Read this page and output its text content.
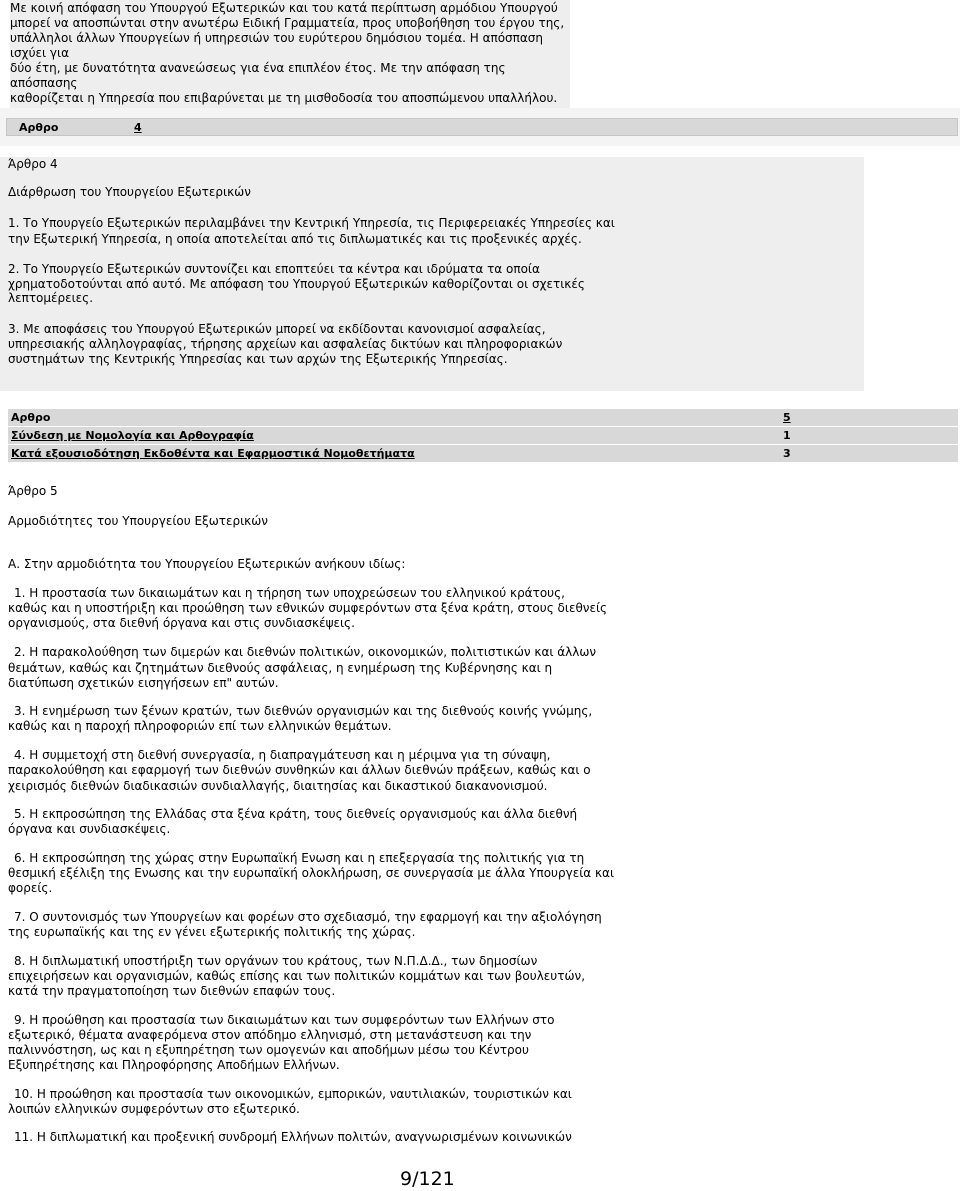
Με κοινή απόφαση του Υπουργού Εξωτερικών και του κατά περίπτωση αρμόδιου Υπουργού

μπορεί να αποσπώνται στην ανωτέρω Ειδική Γραμματεία, προς υποβοήθηση του έργου της,

υπάλληλοι άλλων Υπουργείων ή υπηρεσιών του ευρύτερου δημόσιου τομέα. Η απόσπαση ισχύει για

δύο έτη, με δυνατότητα ανανεώσεως για ένα επιπλέον έτος. Με την απόφαση της απόσπασης

καθορίζεται η Υπηρεσία που επιβαρύνεται με τη μισθοδοσία του αποσπώμενου υπαλλήλου.

Αρθρο	4

Άρθρο 4

Διάρθρωση του Υπουργείου Εξωτερικών

1. Το Υπουργείο Εξωτερικών περιλαμβάνει την Κεντρική Υπηρεσία, τις Περιφερειακές Υπηρεσίες και

την Εξωτερική Υπηρεσία, η οποία αποτελείται από τις διπλωματικές και τις προξενικές αρχές.

2. Το Υπουργείο Εξωτερικών συντονίζει και εποπτεύει τα κέντρα και ιδρύματα τα οποία

χρηματοδοτούνται από αυτό. Με απόφαση του Υπουργού Εξωτερικών καθορίζονται οι σχετικές

λεπτομέρειες.

3. Με αποφάσεις του Υπουργού Εξωτερικών μπορεί να εκδίδονται κανονισμοί ασφαλείας,

υπηρεσιακής αλληλογραφίας, τήρησης αρχείων και ασφαλείας δικτύων και πληροφοριακών

συστημάτων της Κεντρικής Υπηρεσίας και των αρχών της Εξωτερικής Υπηρεσίας.

Αρθρο	5
Σύνδεση με Νομολογία και Αρθογραφία	1
Κατά εξουσιοδότηση Εκδοθέντα και Εφαρμοστικά Νομοθετήματα	3

Άρθρο 5

Αρμοδιότητες του Υπουργείου Εξωτερικών

Α. Στην αρμοδιότητα του Υπουργείου Εξωτερικών ανήκουν ιδίως:

1. Η προστασία των δικαιωμάτων και η τήρηση των υποχρεώσεων του ελληνικού κράτους,

καθώς και η υποστήριξη και προώθηση των εθνικών συμφερόντων στα ξένα κράτη, στους διεθνείς

οργανισμούς, στα διεθνή όργανα και στις συνδιασκέψεις.

2. Η παρακολούθηση των διμερών και διεθνών πολιτικών, οικονομικών, πολιτιστικών και άλλων

θεμάτων, καθώς και ζητημάτων διεθνούς ασφάλειας, η ενημέρωση της Κυβέρνησης και η

διατύπωση σχετικών εισηγήσεων επ" αυτών.

3. Η ενημέρωση των ξένων κρατών, των διεθνών οργανισμών και της διεθνούς κοινής γνώμης,

καθώς και η παροχή πληροφοριών επί των ελληνικών θεμάτων.

4. Η συμμετοχή στη διεθνή συνεργασία, η διαπραγμάτευση και η μέριμνα για τη σύναψη,

παρακολούθηση και εφαρμογή των διεθνών συνθηκών και άλλων διεθνών πράξεων, καθώς και ο

χειρισμός διεθνών διαδικασιών συνδιαλλαγής, διαιτησίας και δικαστικού διακανονισμού.

5. Η εκπροσώπηση της Ελλάδας στα ξένα κράτη, τους διεθνείς οργανισμούς και άλλα διεθνή

όργανα και συνδιασκέψεις.

6. Η εκπροσώπηση της χώρας στην Ευρωπαϊκή Ενωση και η επεξεργασία της πολιτικής για τη

θεσμική εξέλιξη της Ενωσης και την ευρωπαϊκή ολοκλήρωση, σε συνεργασία με άλλα Υπουργεία και

φορείς.

7. Ο συντονισμός των Υπουργείων και φορέων στο σχεδιασμό, την εφαρμογή και την αξιολόγηση

της ευρωπαϊκής και της εν γένει εξωτερικής πολιτικής της χώρας.

8. Η διπλωματική υποστήριξη των οργάνων του κράτους, των Ν.Π.Δ.Δ., των δημοσίων

επιχειρήσεων και οργανισμών, καθώς επίσης και των πολιτικών κομμάτων και των βουλευτών,

κατά την πραγματοποίηση των διεθνών επαφών τους.

9. Η προώθηση και προστασία των δικαιωμάτων και των συμφερόντων των Ελλήνων στο

εξωτερικό, θέματα αναφερόμενα στον απόδημο ελληνισμό, στη μετανάστευση και την

παλιννόστηση, ως και η εξυπηρέτηση των ομογενών και αποδήμων μέσω του Κέντρου

Εξυπηρέτησης και Πληροφόρησης Αποδήμων Ελλήνων.

10. Η προώθηση και προστασία των οικονομικών, εμπορικών, ναυτιλιακών, τουριστικών και

λοιπών ελληνικών συμφερόντων στο εξωτερικό.

11. Η διπλωματική και προξενική συνδρομή Ελλήνων πολιτών, αναγνωρισμένων κοινωνικών

9/121
